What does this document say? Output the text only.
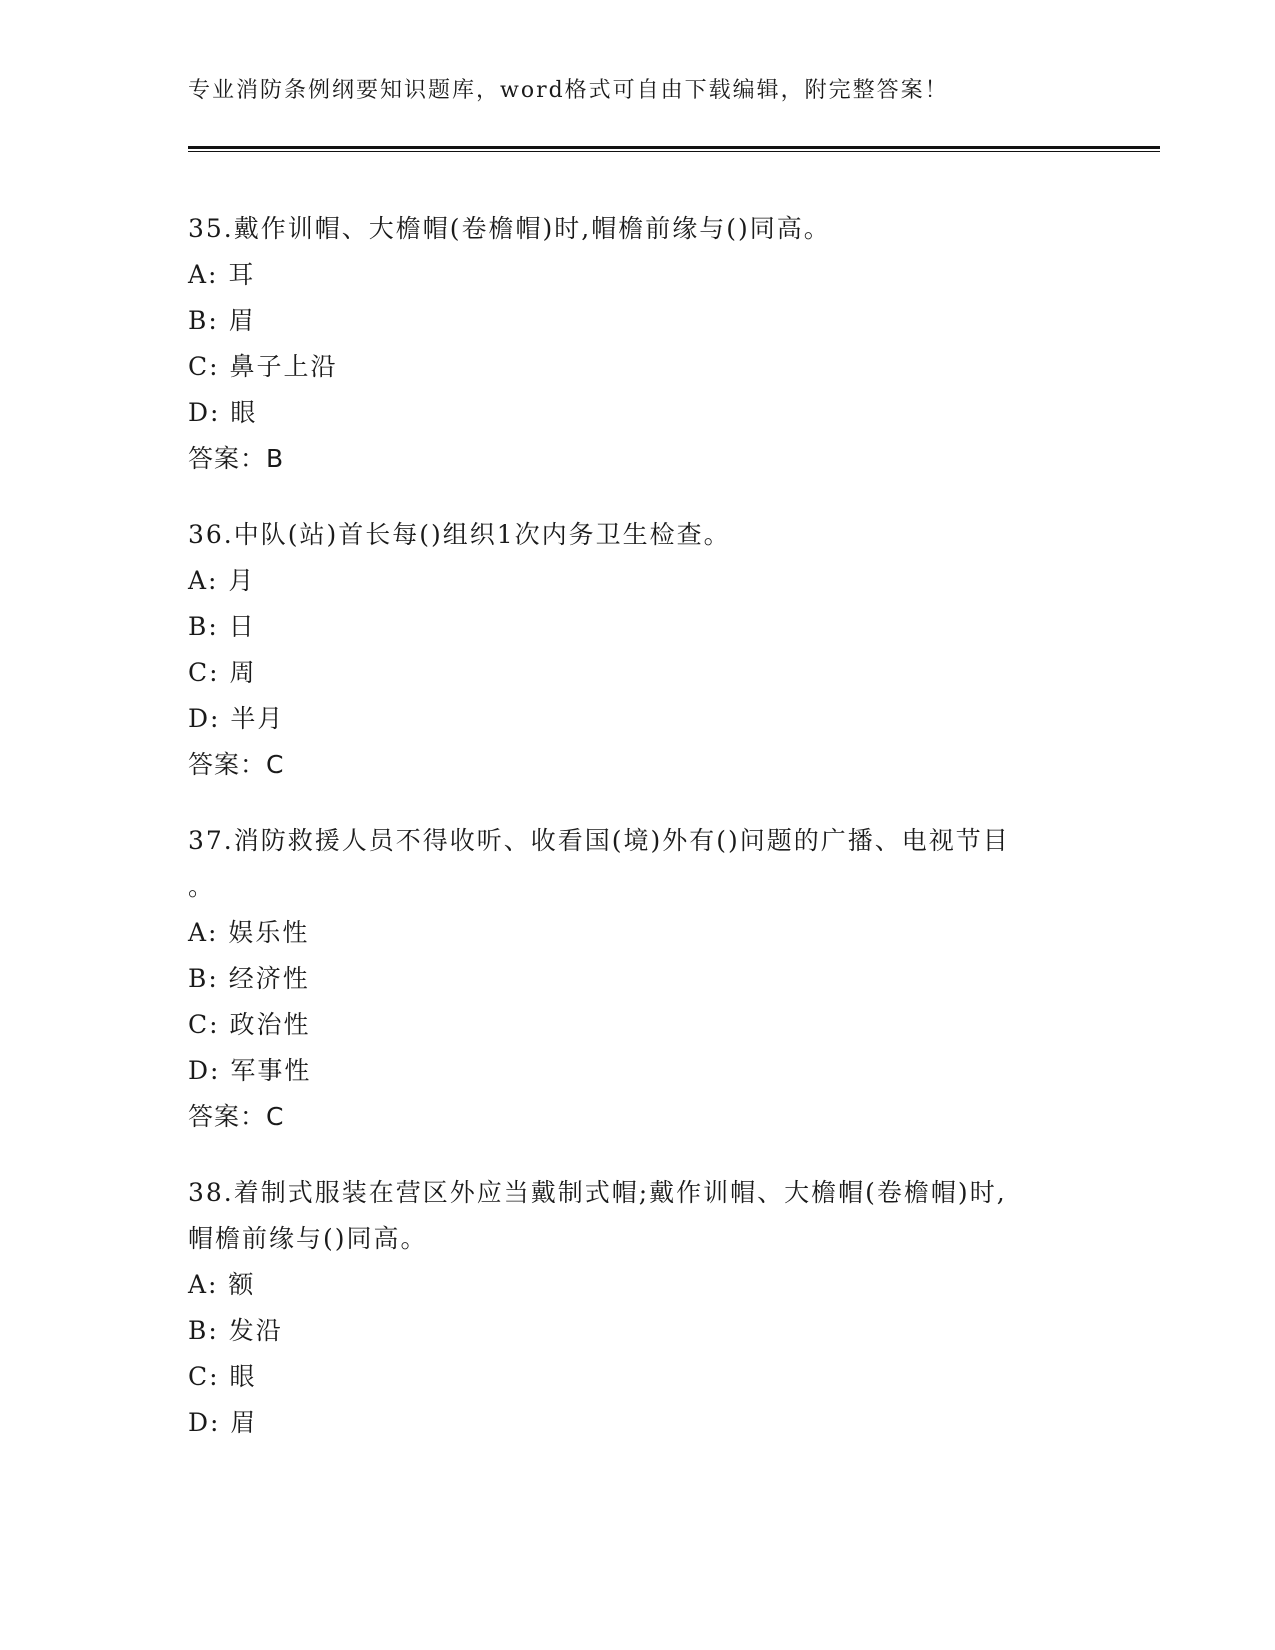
专业消防条例纲要知识题库，word格式可自由下载编辑，附完整答案！
35.戴作训帽、大檐帽(卷檐帽)时,帽檐前缘与()同高。
A: 耳
B: 眉
C: 鼻子上沿
D: 眼
答案：B
36.中队(站)首长每()组织1次内务卫生检查。
A: 月
B: 日
C: 周
D: 半月
答案：C
37.消防救援人员不得收听、收看国(境)外有()问题的广播、电视节目
。
A: 娱乐性
B: 经济性
C: 政治性
D: 军事性
答案：C
38.着制式服装在营区外应当戴制式帽;戴作训帽、大檐帽(卷檐帽)时,
帽檐前缘与()同高。
A: 额
B: 发沿
C: 眼
D: 眉
